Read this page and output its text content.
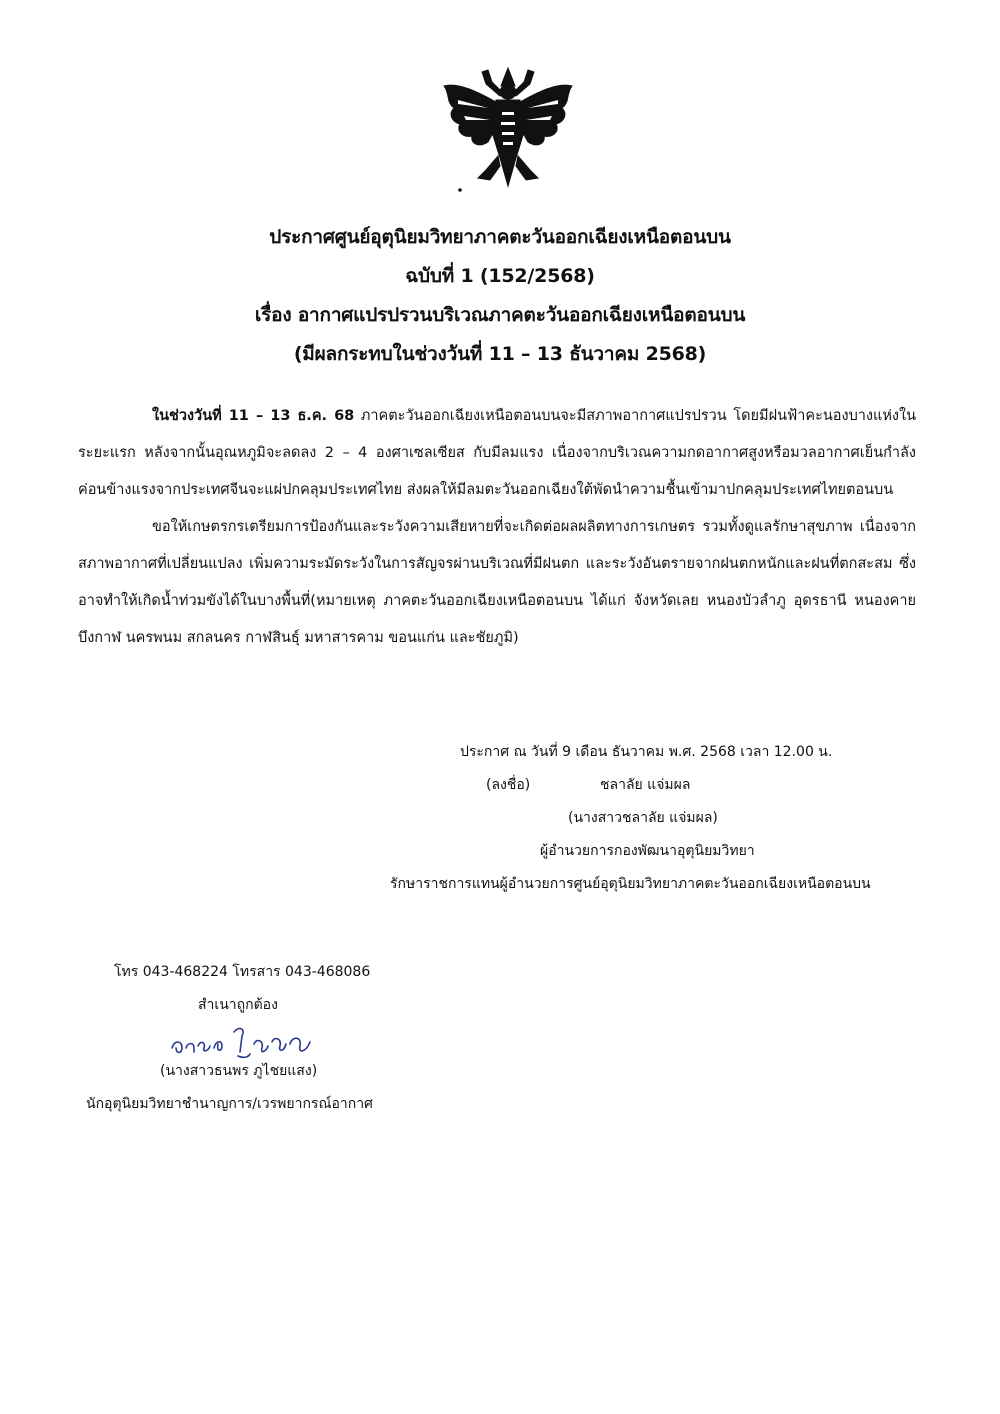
ประกาศศูนย์อุตุนิยมวิทยาภาคตะวันออกเฉียงเหนือตอนบน
ฉบับที่ 1 (152/2568)
เรื่อง อากาศแปรปรวนบริเวณภาคตะวันออกเฉียงเหนือตอนบน
(มีผลกระทบในช่วงวันที่ 11 – 13 ธันวาคม 2568)

ในช่วงวันที่ 11 – 13 ธ.ค. 68 ภาคตะวันออกเฉียงเหนือตอนบนจะมีสภาพอากาศแปรปรวน โดยมีฝนฟ้าคะนองบางแห่งในระยะแรก หลังจากนั้นอุณหภูมิจะลดลง 2 – 4 องศาเซลเซียส กับมีลมแรง เนื่องจากบริเวณความกดอากาศสูงหรือมวลอากาศเย็นกำลังค่อนข้างแรงจากประเทศจีนจะแผ่ปกคลุมประเทศไทย ส่งผลให้มีลมตะวันออกเฉียงใต้พัดนำความชื้นเข้ามาปกคลุมประเทศไทยตอนบน

ขอให้เกษตรกรเตรียมการป้องกันและระวังความเสียหายที่จะเกิดต่อผลผลิตทางการเกษตร รวมทั้งดูแลรักษาสุขภาพ เนื่องจากสภาพอากาศที่เปลี่ยนแปลง เพิ่มความระมัดระวังในการสัญจรผ่านบริเวณที่มีฝนตก และระวังอันตรายจากฝนตกหนักและฝนที่ตกสะสม ซึ่งอาจทำให้เกิดน้ำท่วมขังได้ในบางพื้นที่(หมายเหตุ ภาคตะวันออกเฉียงเหนือตอนบน ได้แก่ จังหวัดเลย หนองบัวลำภู อุดรธานี หนองคาย บึงกาฬ นครพนม สกลนคร กาฬสินธุ์ มหาสารคาม ขอนแก่น และชัยภูมิ)

ประกาศ ณ วันที่ 9 เดือน ธันวาคม พ.ศ. 2568 เวลา 12.00 น.
(ลงชื่อ)	ชลาลัย แจ่มผล
(นางสาวชลาลัย แจ่มผล)
ผู้อำนวยการกองพัฒนาอุตุนิยมวิทยา
รักษาราชการแทนผู้อำนวยการศูนย์อุตุนิยมวิทยาภาคตะวันออกเฉียงเหนือตอนบน
โทร 043-468224 โทรสาร 043-468086
สำเนาถูกต้อง
(นางสาวธนพร ภูไชยแสง)
นักอุตุนิยมวิทยาชำนาญการ/เวรพยากรณ์อากาศ
